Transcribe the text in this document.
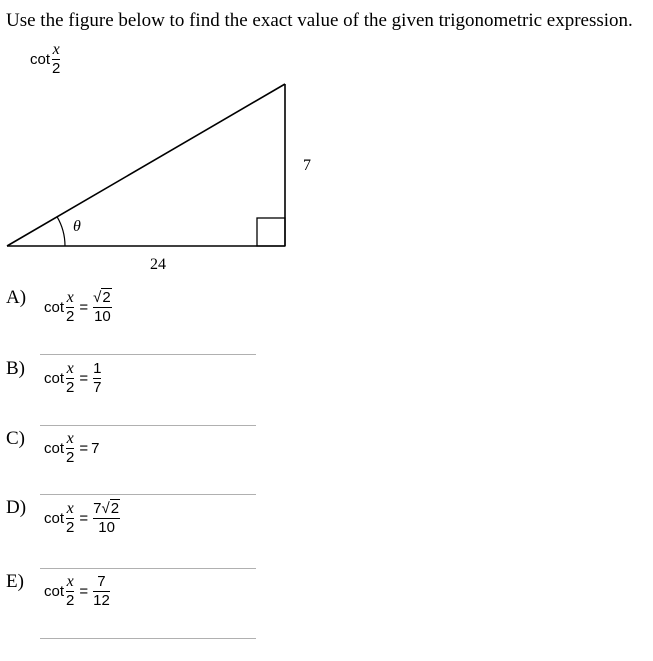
Use the figure below to find the exact value of the given trigonometric expression.
$\cot \frac{x}{2}$
θ
7
24
A) $\cot \frac{x}{2} = \frac{√2}{10}$
B) $\cot \frac{x}{2} = \frac{1}{7}$
C) $\cot \frac{x}{2} = 7$
D)
$\cot \frac{x}{2} = \frac{7√2}{10}$
E) $\cot \frac{x}{2} = \frac{7}{12}$
